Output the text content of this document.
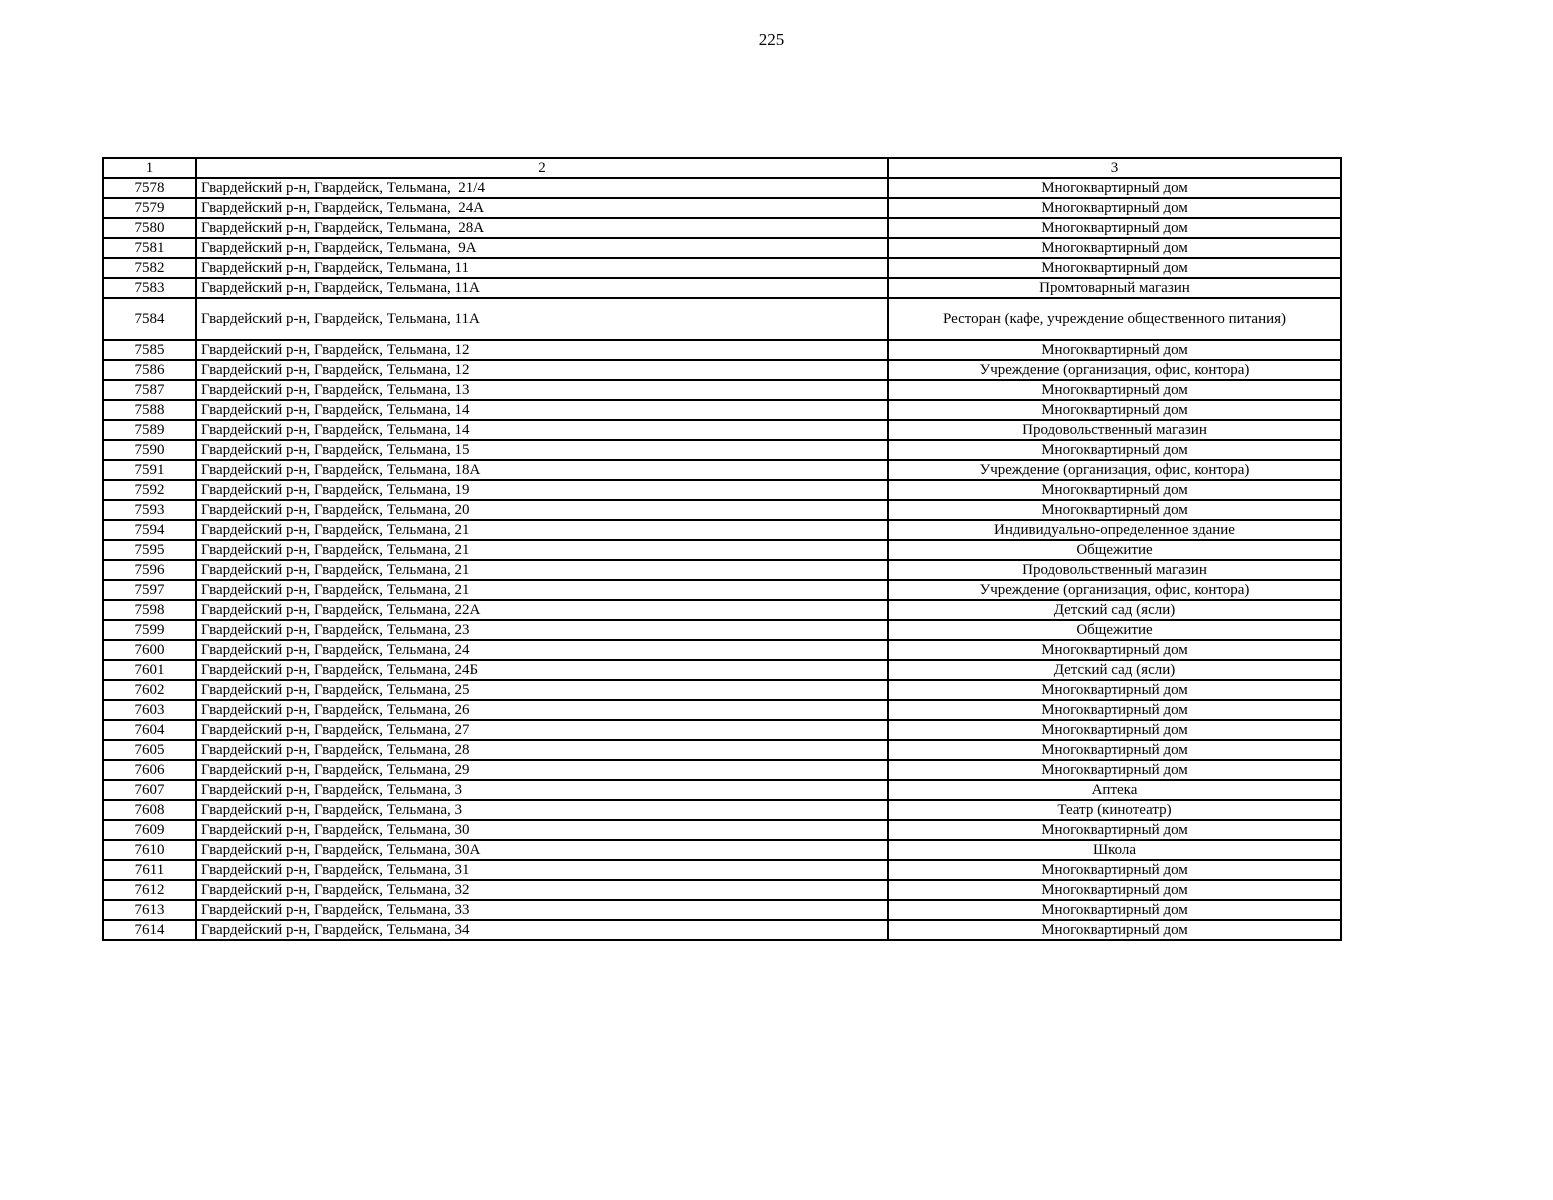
225
1	2	3
7578	Гвардейский р-н, Гвардейск, Тельмана,  21/4	Многоквартирный дом
7579	Гвардейский р-н, Гвардейск, Тельмана,  24А	Многоквартирный дом
7580	Гвардейский р-н, Гвардейск, Тельмана,  28А	Многоквартирный дом
7581	Гвардейский р-н, Гвардейск, Тельмана,  9А	Многоквартирный дом
7582	Гвардейский р-н, Гвардейск, Тельмана, 11	Многоквартирный дом
7583	Гвардейский р-н, Гвардейск, Тельмана, 11А	Промтоварный магазин
7584	Гвардейский р-н, Гвардейск, Тельмана, 11А	Ресторан (кафе, учреждение общественного питания)
7585	Гвардейский р-н, Гвардейск, Тельмана, 12	Многоквартирный дом
7586	Гвардейский р-н, Гвардейск, Тельмана, 12	Учреждение (организация, офис, контора)
7587	Гвардейский р-н, Гвардейск, Тельмана, 13	Многоквартирный дом
7588	Гвардейский р-н, Гвардейск, Тельмана, 14	Многоквартирный дом
7589	Гвардейский р-н, Гвардейск, Тельмана, 14	Продовольственный магазин
7590	Гвардейский р-н, Гвардейск, Тельмана, 15	Многоквартирный дом
7591	Гвардейский р-н, Гвардейск, Тельмана, 18А	Учреждение (организация, офис, контора)
7592	Гвардейский р-н, Гвардейск, Тельмана, 19	Многоквартирный дом
7593	Гвардейский р-н, Гвардейск, Тельмана, 20	Многоквартирный дом
7594	Гвардейский р-н, Гвардейск, Тельмана, 21	Индивидуально-определенное здание
7595	Гвардейский р-н, Гвардейск, Тельмана, 21	Общежитие
7596	Гвардейский р-н, Гвардейск, Тельмана, 21	Продовольственный магазин
7597	Гвардейский р-н, Гвардейск, Тельмана, 21	Учреждение (организация, офис, контора)
7598	Гвардейский р-н, Гвардейск, Тельмана, 22А	Детский сад (ясли)
7599	Гвардейский р-н, Гвардейск, Тельмана, 23	Общежитие
7600	Гвардейский р-н, Гвардейск, Тельмана, 24	Многоквартирный дом
7601	Гвардейский р-н, Гвардейск, Тельмана, 24Б	Детский сад (ясли)
7602	Гвардейский р-н, Гвардейск, Тельмана, 25	Многоквартирный дом
7603	Гвардейский р-н, Гвардейск, Тельмана, 26	Многоквартирный дом
7604	Гвардейский р-н, Гвардейск, Тельмана, 27	Многоквартирный дом
7605	Гвардейский р-н, Гвардейск, Тельмана, 28	Многоквартирный дом
7606	Гвардейский р-н, Гвардейск, Тельмана, 29	Многоквартирный дом
7607	Гвардейский р-н, Гвардейск, Тельмана, 3	Аптека
7608	Гвардейский р-н, Гвардейск, Тельмана, 3	Театр (кинотеатр)
7609	Гвардейский р-н, Гвардейск, Тельмана, 30	Многоквартирный дом
7610	Гвардейский р-н, Гвардейск, Тельмана, 30А	Школа
7611	Гвардейский р-н, Гвардейск, Тельмана, 31	Многоквартирный дом
7612	Гвардейский р-н, Гвардейск, Тельмана, 32	Многоквартирный дом
7613	Гвардейский р-н, Гвардейск, Тельмана, 33	Многоквартирный дом
7614	Гвардейский р-н, Гвардейск, Тельмана, 34	Многоквартирный дом
